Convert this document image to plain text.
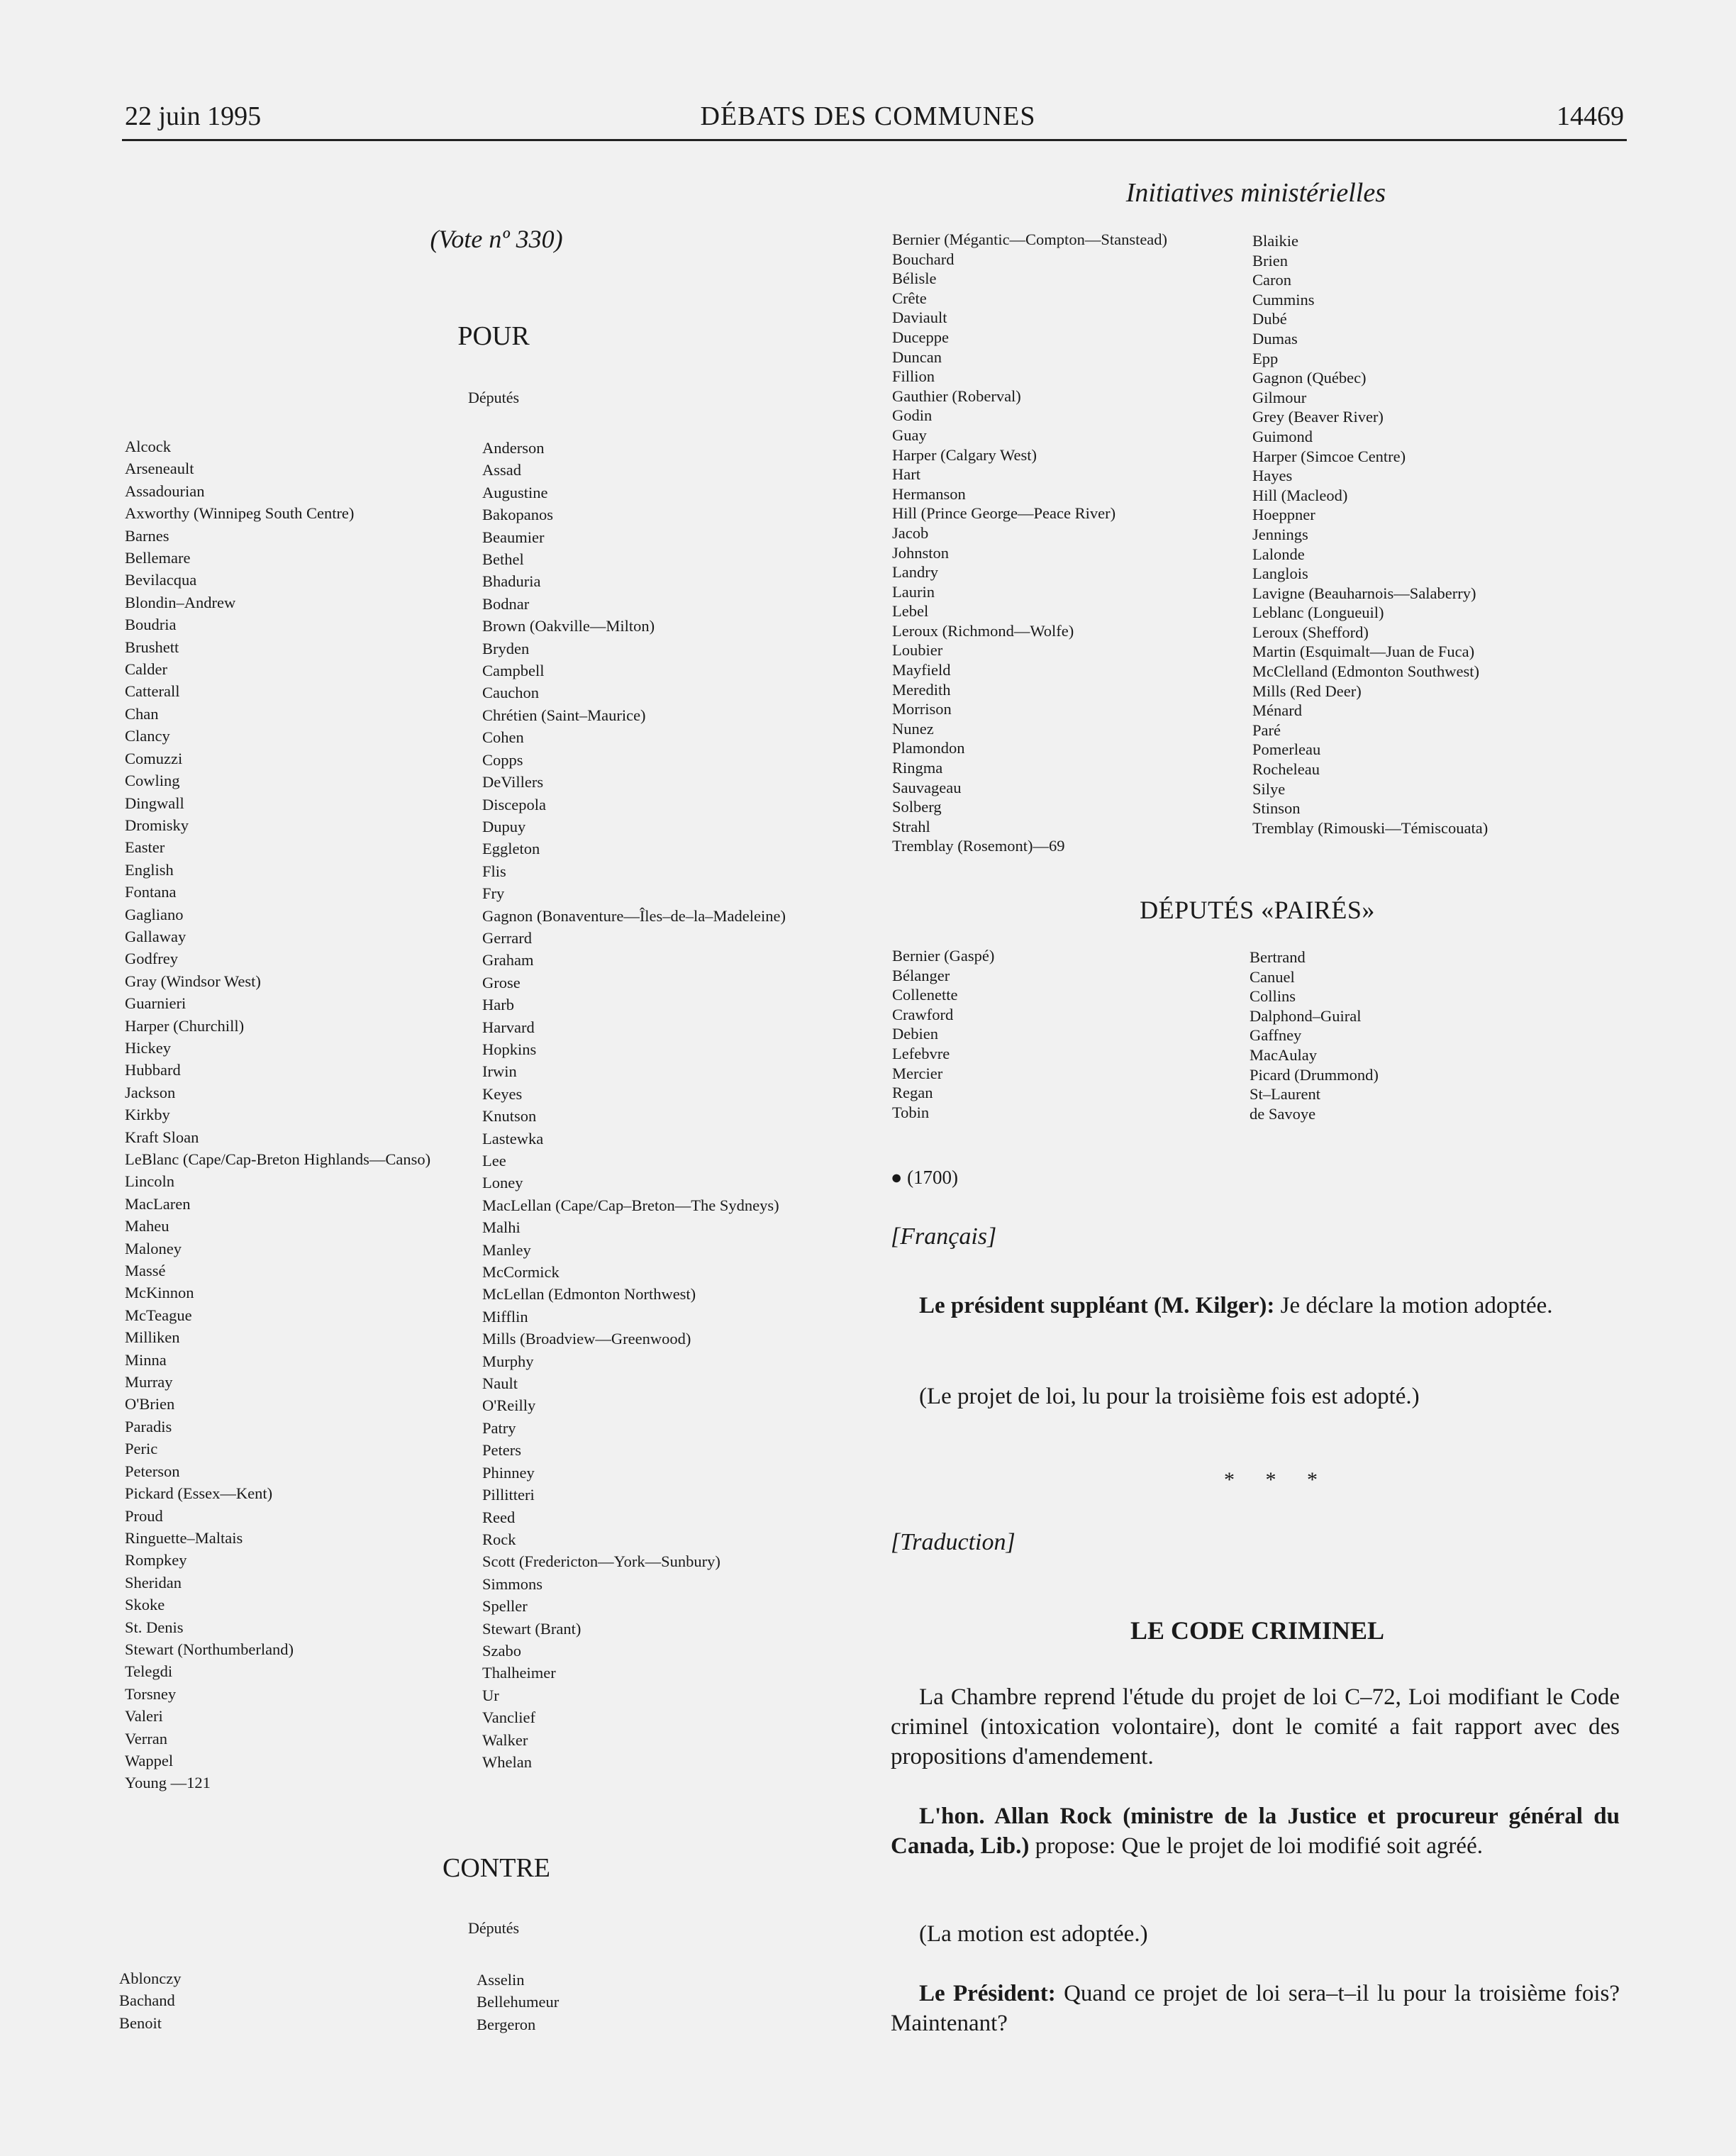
22 juin 1995	DÉBATS DES COMMUNES	14469
Initiatives ministérielles
(Vote nº 330)
POUR
Députés
Alcock
Arseneault
Assadourian
Axworthy (Winnipeg South Centre)
Barnes
Bellemare
Bevilacqua
Blondin–Andrew
Boudria
Brushett
Calder
Catterall
Chan
Clancy
Comuzzi
Cowling
Dingwall
Dromisky
Easter
English
Fontana
Gagliano
Gallaway
Godfrey
Gray (Windsor West)
Guarnieri
Harper (Churchill)
Hickey
Hubbard
Jackson
Kirkby
Kraft Sloan
LeBlanc (Cape/Cap-Breton Highlands—Canso)
Lincoln
MacLaren
Maheu
Maloney
Massé
McKinnon
McTeague
Milliken
Minna
Murray
O'Brien
Paradis
Peric
Peterson
Pickard (Essex—Kent)
Proud
Ringuette–Maltais
Rompkey
Sheridan
Skoke
St. Denis
Stewart (Northumberland)
Telegdi
Torsney
Valeri
Verran
Wappel
Young —121
Anderson
Assad
Augustine
Bakopanos
Beaumier
Bethel
Bhaduria
Bodnar
Brown (Oakville—Milton)
Bryden
Campbell
Cauchon
Chrétien (Saint–Maurice)
Cohen
Copps
DeVillers
Discepola
Dupuy
Eggleton
Flis
Fry
Gagnon (Bonaventure—Îles–de–la–Madeleine)
Gerrard
Graham
Grose
Harb
Harvard
Hopkins
Irwin
Keyes
Knutson
Lastewka
Lee
Loney
MacLellan (Cape/Cap–Breton—The Sydneys)
Malhi
Manley
McCormick
McLellan (Edmonton Northwest)
Mifflin
Mills (Broadview—Greenwood)
Murphy
Nault
O'Reilly
Patry
Peters
Phinney
Pillitteri
Reed
Rock
Scott (Fredericton—York—Sunbury)
Simmons
Speller
Stewart (Brant)
Szabo
Thalheimer
Ur
Vanclief
Walker
Whelan
CONTRE
Députés
Ablonczy
Bachand
Benoit
Asselin
Bellehumeur
Bergeron
Bernier (Mégantic—Compton—Stanstead)
Bouchard
Bélisle
Crête
Daviault
Duceppe
Duncan
Fillion
Gauthier (Roberval)
Godin
Guay
Harper (Calgary West)
Hart
Hermanson
Hill (Prince George—Peace River)
Jacob
Johnston
Landry
Laurin
Lebel
Leroux (Richmond—Wolfe)
Loubier
Mayfield
Meredith
Morrison
Nunez
Plamondon
Ringma
Sauvageau
Solberg
Strahl
Tremblay (Rosemont)—69
Blaikie
Brien
Caron
Cummins
Dubé
Dumas
Epp
Gagnon (Québec)
Gilmour
Grey (Beaver River)
Guimond
Harper (Simcoe Centre)
Hayes
Hill (Macleod)
Hoeppner
Jennings
Lalonde
Langlois
Lavigne (Beauharnois—Salaberry)
Leblanc (Longueuil)
Leroux (Shefford)
Martin (Esquimalt—Juan de Fuca)
McClelland (Edmonton Southwest)
Mills (Red Deer)
Ménard
Paré
Pomerleau
Rocheleau
Silye
Stinson
Tremblay (Rimouski—Témiscouata)
DÉPUTÉS «PAIRÉS»
Bernier (Gaspé)
Bélanger
Collenette
Crawford
Debien
Lefebvre
Mercier
Regan
Tobin
Bertrand
Canuel
Collins
Dalphond–Guiral
Gaffney
MacAulay
Picard (Drummond)
St–Laurent
de Savoye
● (1700)
[Français]

Le président suppléant (M. Kilger): Je déclare la motion adoptée.

(Le projet de loi, lu pour la troisième fois est adopté.)

* * *
[Traduction]
LE CODE CRIMINEL

La Chambre reprend l'étude du projet de loi C–72, Loi modifiant le Code criminel (intoxication volontaire), dont le comité a fait rapport avec des propositions d'amendement.

L'hon. Allan Rock (ministre de la Justice et procureur général du Canada, Lib.) propose: Que le projet de loi modifié soit agréé.

(La motion est adoptée.)

Le Président: Quand ce projet de loi sera–t–il lu pour la troisième fois? Maintenant?
